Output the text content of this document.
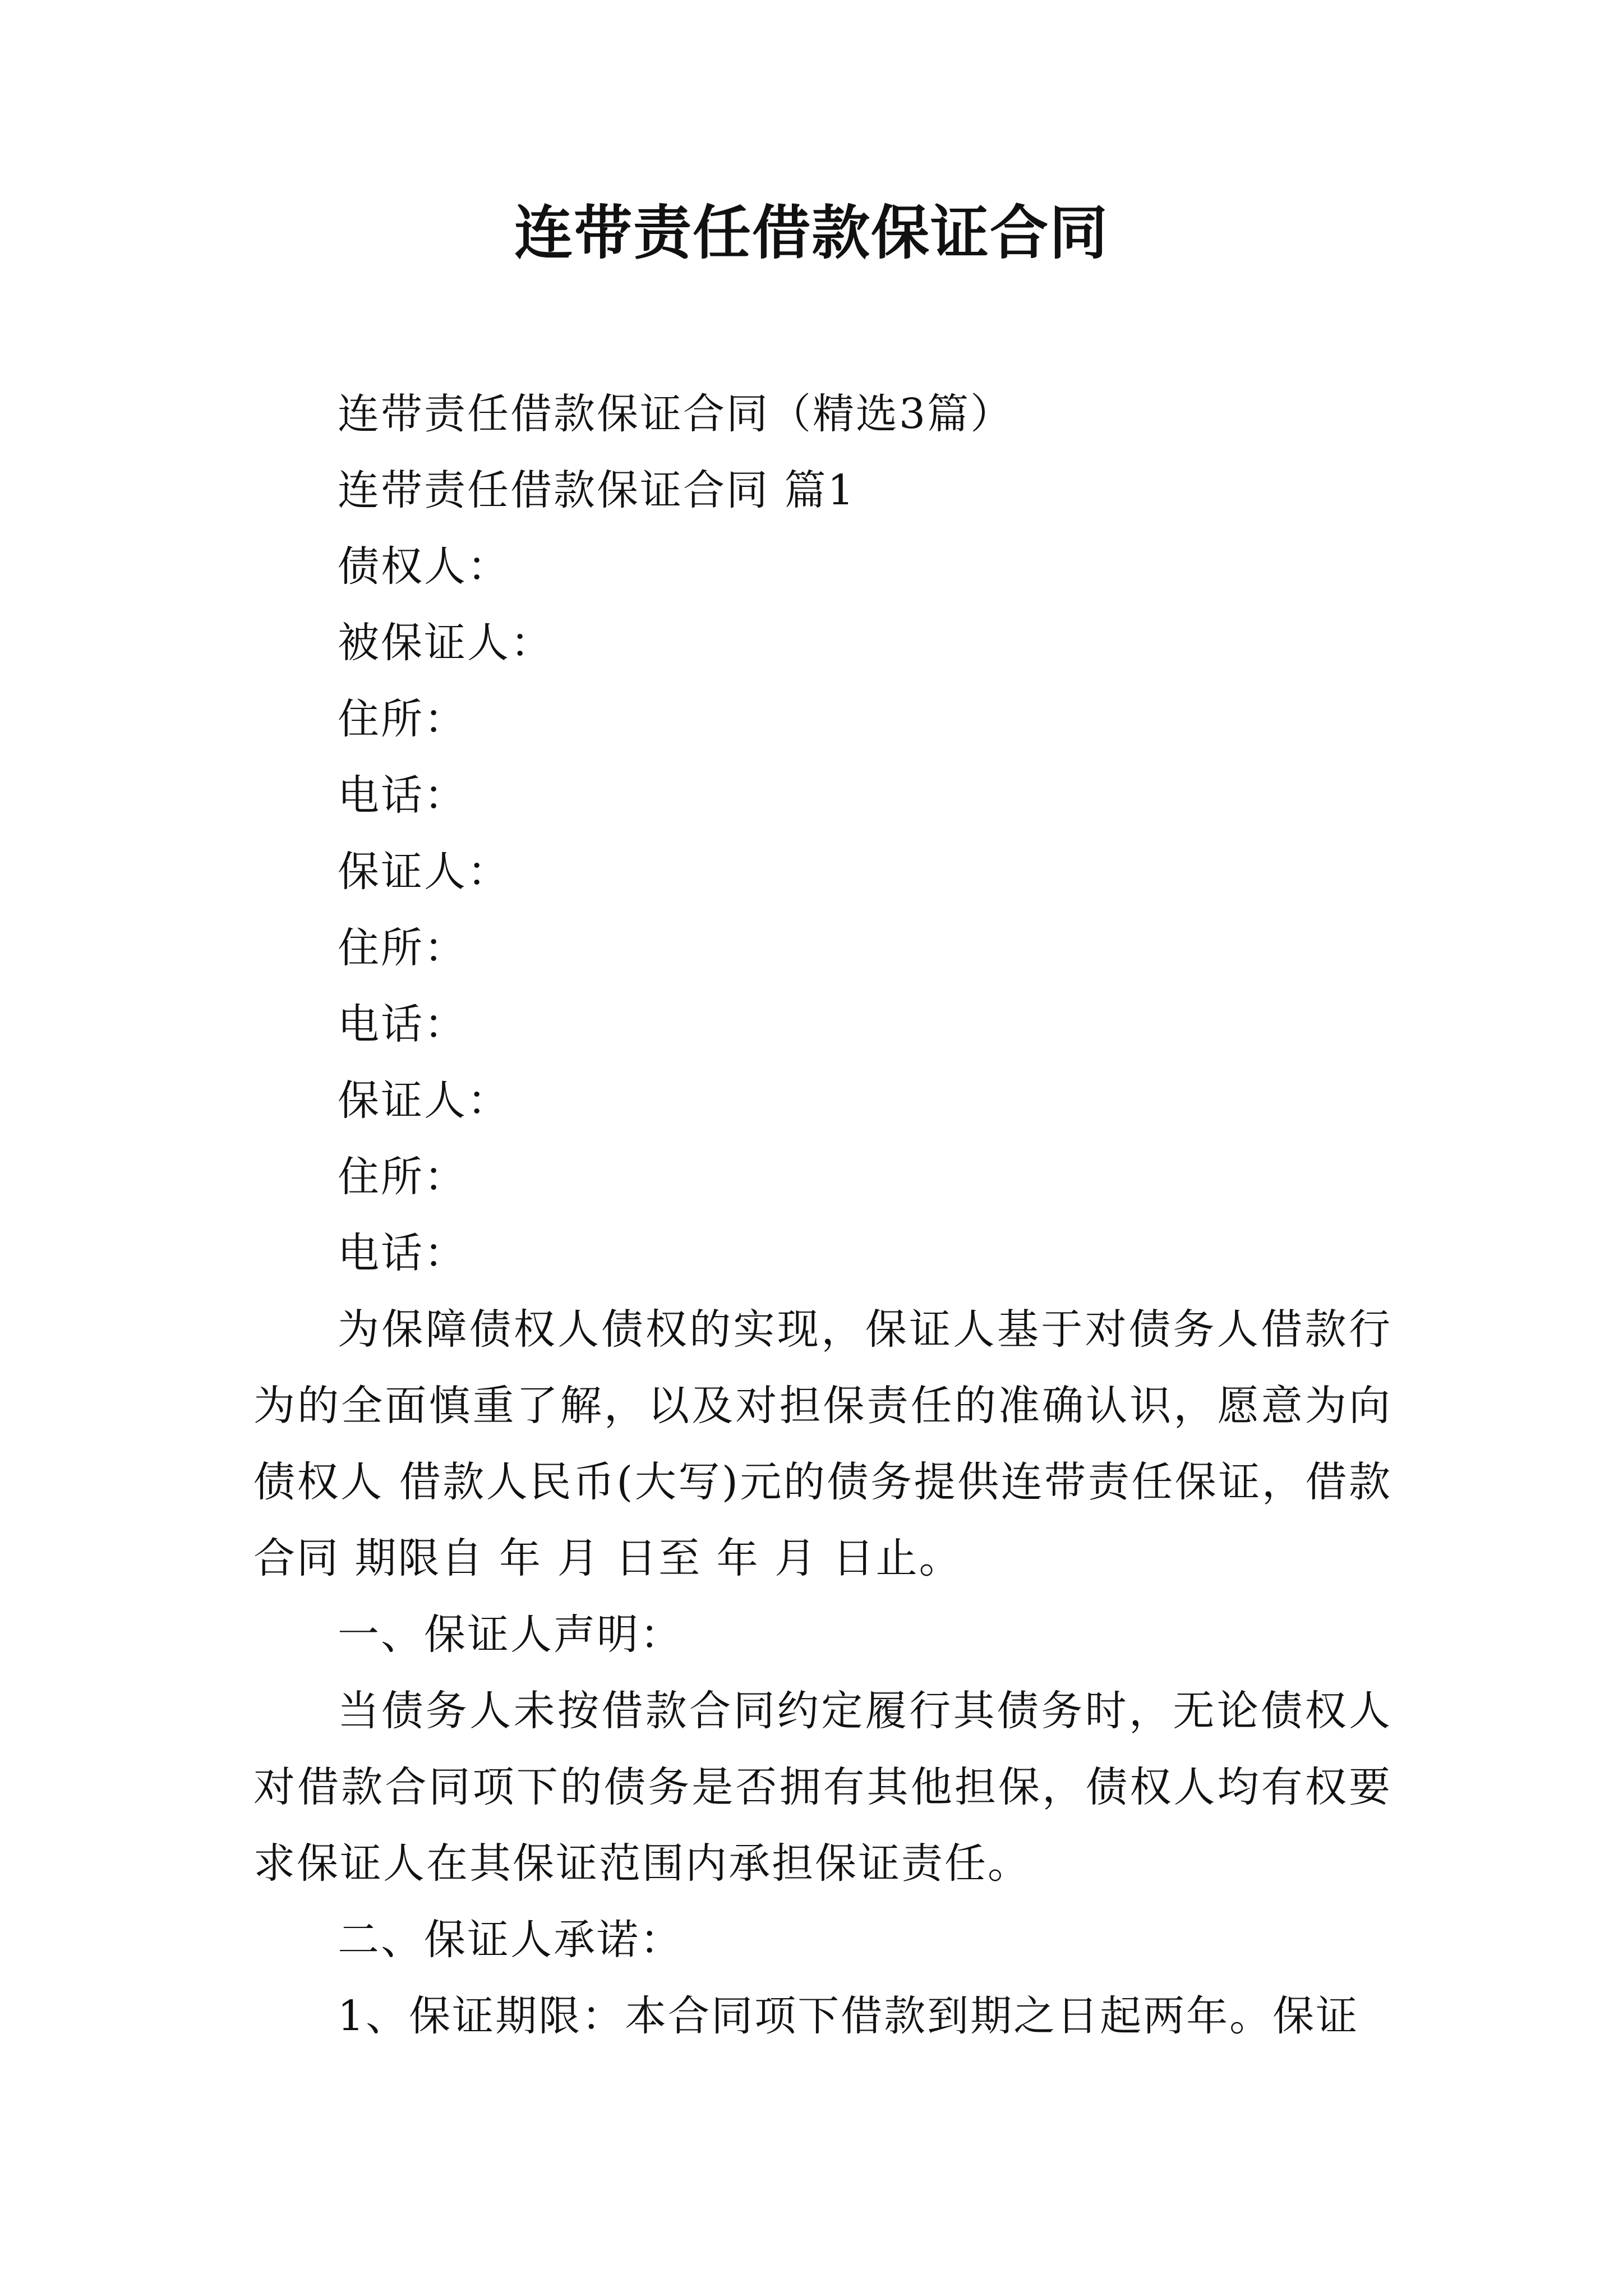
连带责任借款保证合同

连带责任借款保证合同（精选3篇）

连带责任借款保证合同 篇1

债权人：

被保证人：

住所：

电话：

保证人：

住所：

电话：

保证人：

住所：

电话：

为保障债权人债权的实现，保证人基于对债务人借款行为的全面慎重了解，以及对担保责任的准确认识，愿意为向债权人 借款人民币(大写)元的债务提供连带责任保证，借款合同 期限自 年 月 日至 年 月 日止。

一、保证人声明：

当债务人未按借款合同约定履行其债务时，无论债权人对借款合同项下的债务是否拥有其他担保，债权人均有权要求保证人在其保证范围内承担保证责任。

二、保证人承诺：

1、保证期限：本合同项下借款到期之日起两年。保证
